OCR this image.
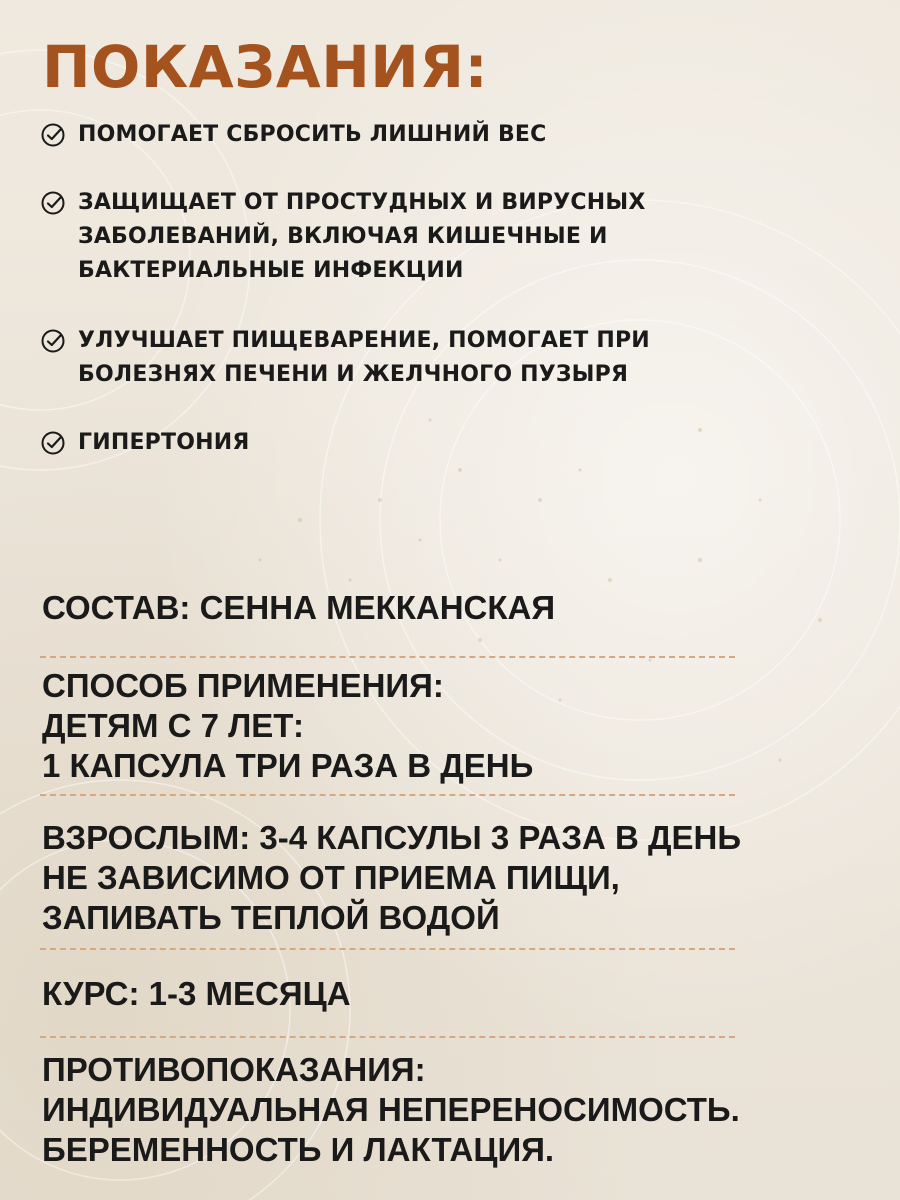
ПОКАЗАНИЯ:
ПОМОГАЕТ СБРОСИТЬ ЛИШНИЙ ВЕС
ЗАЩИЩАЕТ ОТ ПРОСТУДНЫХ И ВИРУСНЫХ
ЗАБОЛЕВАНИЙ, ВКЛЮЧАЯ КИШЕЧНЫЕ И
БАКТЕРИАЛЬНЫЕ ИНФЕКЦИИ
УЛУЧШАЕТ ПИЩЕВАРЕНИЕ, ПОМОГАЕТ ПРИ
БОЛЕЗНЯХ ПЕЧЕНИ И ЖЕЛЧНОГО ПУЗЫРЯ
ГИПЕРТОНИЯ
СОСТАВ: СЕННА МЕККАНСКАЯ
СПОСОБ ПРИМЕНЕНИЯ:
ДЕТЯМ С 7 ЛЕТ:
1 КАПСУЛА ТРИ РАЗА В ДЕНЬ
ВЗРОСЛЫМ: 3-4 КАПСУЛЫ 3 РАЗА В ДЕНЬ
НЕ ЗАВИСИМО ОТ ПРИЕМА ПИЩИ,
ЗАПИВАТЬ ТЕПЛОЙ ВОДОЙ
КУРС: 1-3 МЕСЯЦА
ПРОТИВОПОКАЗАНИЯ:
ИНДИВИДУАЛЬНАЯ НЕПЕРЕНОСИМОСТЬ.
БЕРЕМЕННОСТЬ И ЛАКТАЦИЯ.
